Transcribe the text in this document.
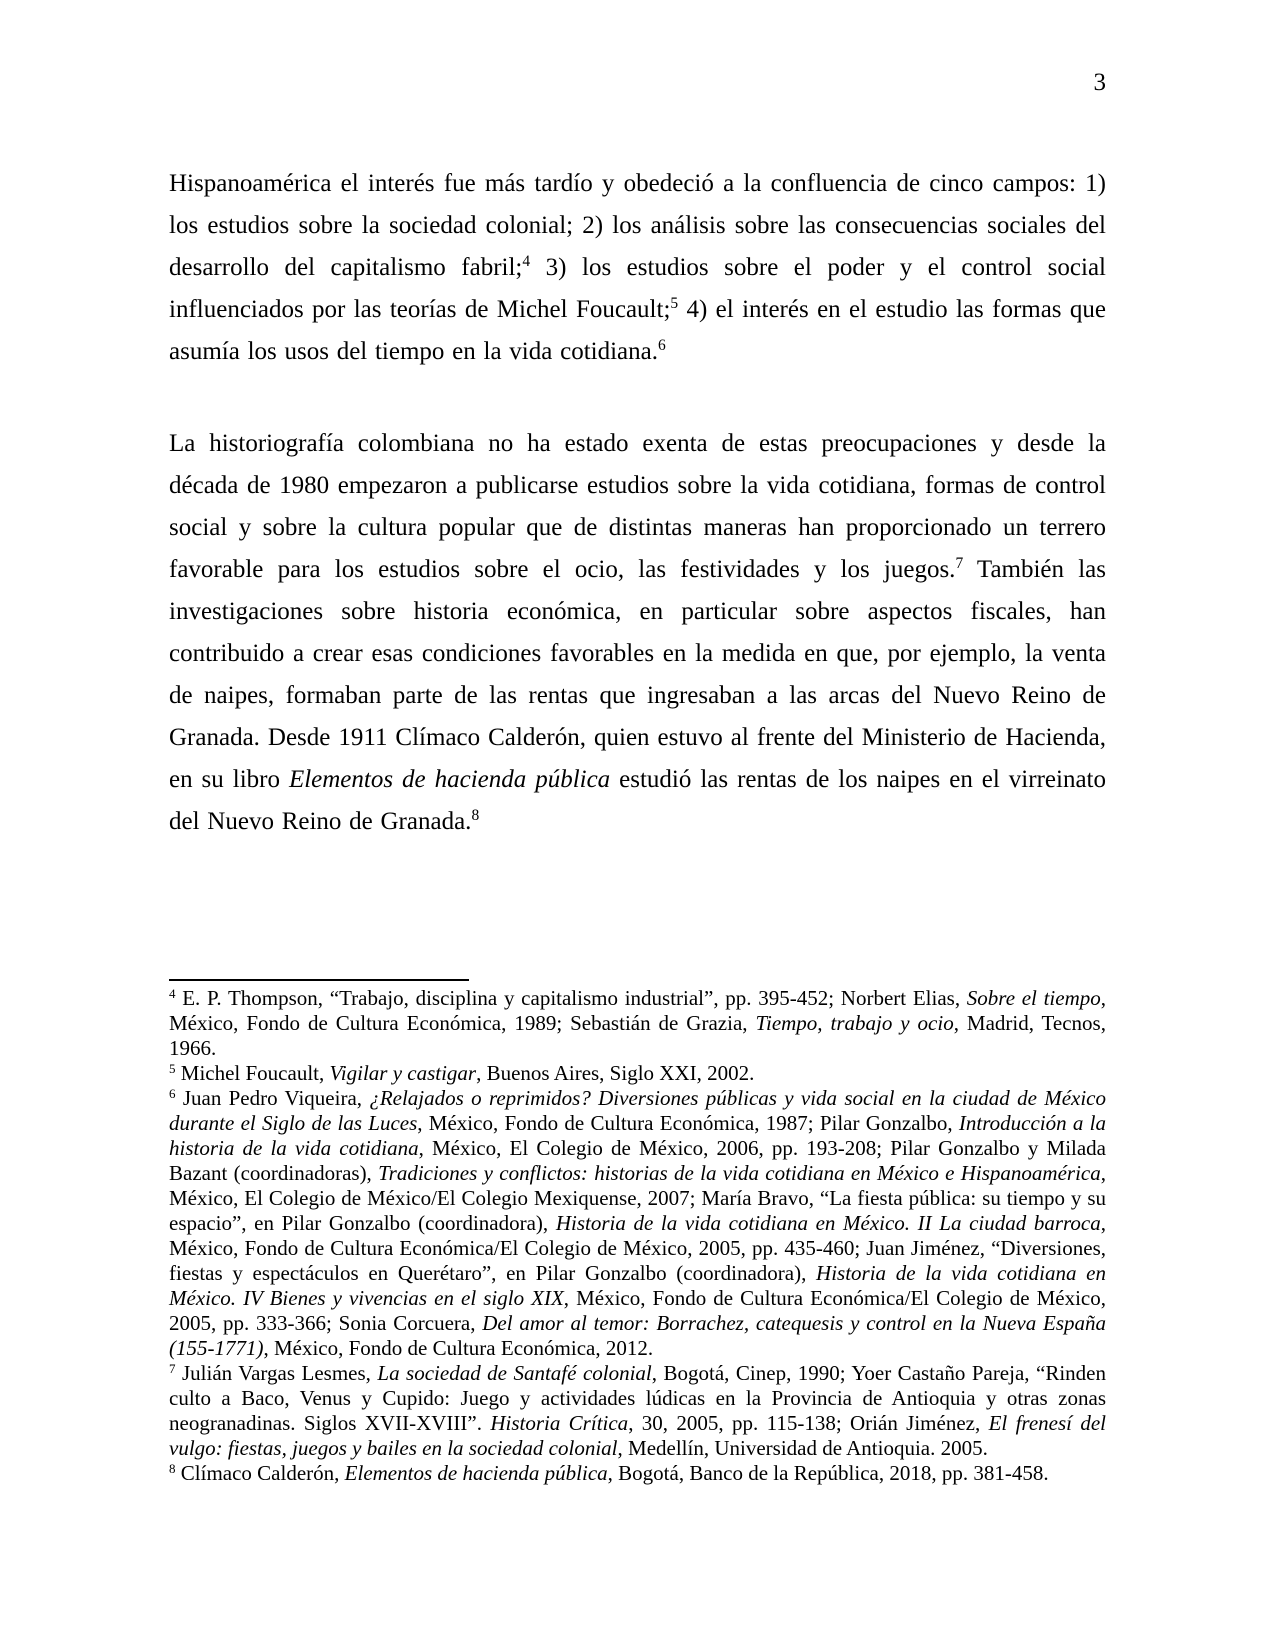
3

Hispanoamérica el interés fue más tardío y obedeció a la confluencia de cinco campos: 1) los estudios sobre la sociedad colonial; 2) los análisis sobre las consecuencias sociales del desarrollo del capitalismo fabril;$^4$ 3) los estudios sobre el poder y el control social influenciados por las teorías de Michel Foucault;$^5$ 4) el interés en el estudio las formas que asumía los usos del tiempo en la vida cotidiana.$^6$

La historiografía colombiana no ha estado exenta de estas preocupaciones y desde la década de 1980 empezaron a publicarse estudios sobre la vida cotidiana, formas de control social y sobre la cultura popular que de distintas maneras han proporcionado un terrero favorable para los estudios sobre el ocio, las festividades y los juegos.$^7$ También las investigaciones sobre historia económica, en particular sobre aspectos fiscales, han contribuido a crear esas condiciones favorables en la medida en que, por ejemplo, la venta de naipes, formaban parte de las rentas que ingresaban a las arcas del Nuevo Reino de Granada. Desde 1911 Clímaco Calderón, quien estuvo al frente del Ministerio de Hacienda, en su libro Elementos de hacienda pública estudió las rentas de los naipes en el virreinato del Nuevo Reino de Granada.$^8$

$^4$ E. P. Thompson, “Trabajo, disciplina y capitalismo industrial”, pp. 395-452; Norbert Elias, Sobre el tiempo, México, Fondo de Cultura Económica, 1989; Sebastián de Grazia, Tiempo, trabajo y ocio, Madrid, Tecnos, 1966.

$^5$ Michel Foucault, Vigilar y castigar, Buenos Aires, Siglo XXI, 2002.

$^6$ Juan Pedro Viqueira, ¿Relajados o reprimidos? Diversiones públicas y vida social en la ciudad de México durante el Siglo de las Luces, México, Fondo de Cultura Económica, 1987; Pilar Gonzalbo, Introducción a la historia de la vida cotidiana, México, El Colegio de México, 2006, pp. 193-208; Pilar Gonzalbo y Milada Bazant (coordinadoras), Tradiciones y conflictos: historias de la vida cotidiana en México e Hispanoamérica, México, El Colegio de México/El Colegio Mexiquense, 2007; María Bravo, “La fiesta pública: su tiempo y su espacio”, en Pilar Gonzalbo (coordinadora), Historia de la vida cotidiana en México. II La ciudad barroca, México, Fondo de Cultura Económica/El Colegio de México, 2005, pp. 435-460; Juan Jiménez, “Diversiones, fiestas y espectáculos en Querétaro”, en Pilar Gonzalbo (coordinadora), Historia de la vida cotidiana en México. IV Bienes y vivencias en el siglo XIX, México, Fondo de Cultura Económica/El Colegio de México, 2005, pp. 333-366; Sonia Corcuera, Del amor al temor: Borrachez, catequesis y control en la Nueva España (155-1771), México, Fondo de Cultura Económica, 2012.

$^7$ Julián Vargas Lesmes, La sociedad de Santafé colonial, Bogotá, Cinep, 1990; Yoer Castaño Pareja, “Rinden culto a Baco, Venus y Cupido: Juego y actividades lúdicas en la Provincia de Antioquia y otras zonas neogranadinas. Siglos XVII-XVIII”. Historia Crítica, 30, 2005, pp. 115-138; Orián Jiménez, El frenesí del vulgo: fiestas, juegos y bailes en la sociedad colonial, Medellín, Universidad de Antioquia. 2005.

$^8$ Clímaco Calderón, Elementos de hacienda pública, Bogotá, Banco de la República, 2018, pp. 381-458.
